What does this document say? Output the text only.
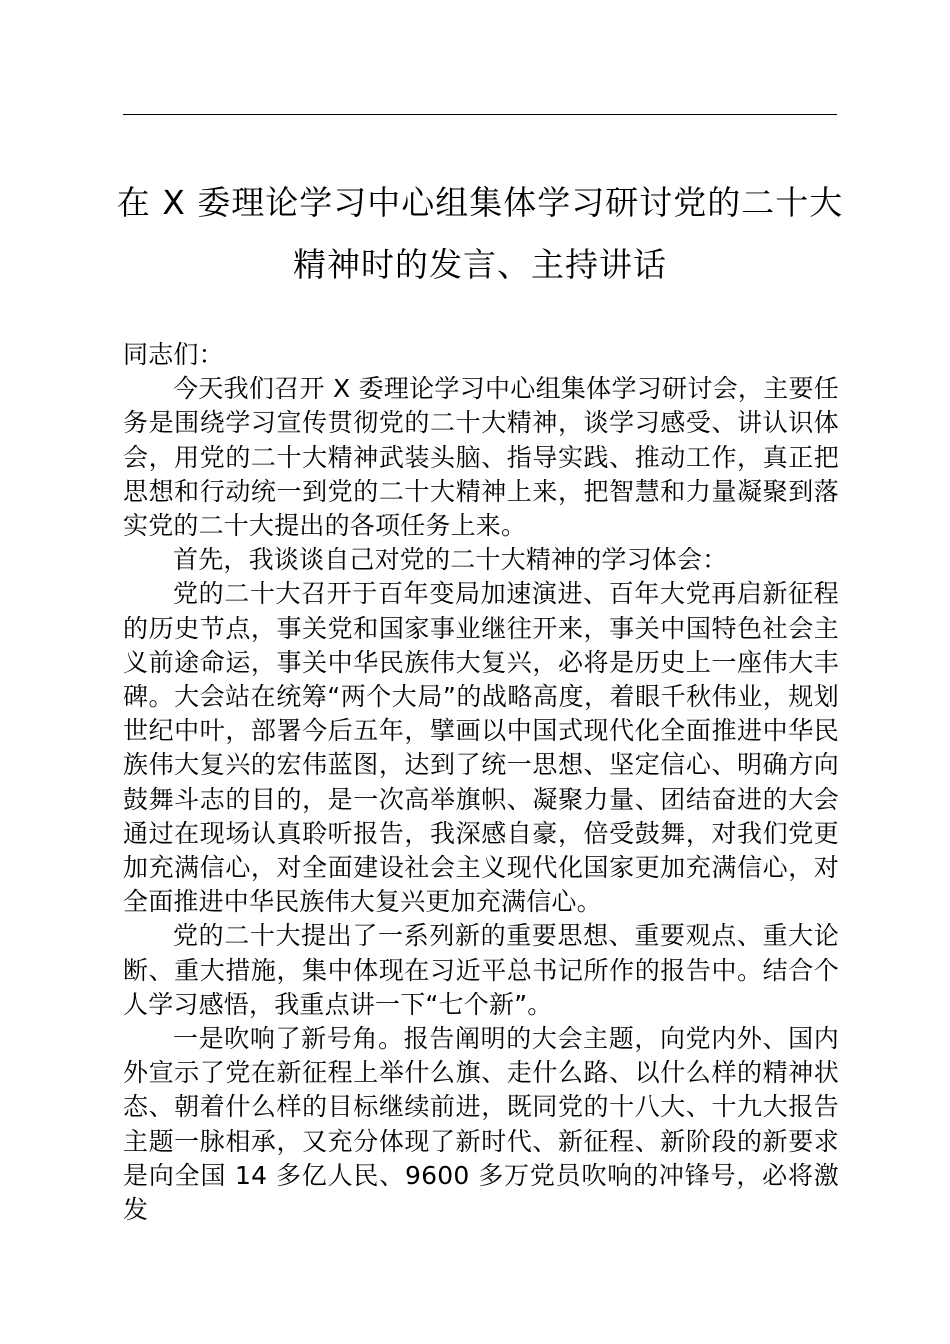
在 X 委理论学习中心组集体学习研讨党的二十大精神时的发言、主持讲话

同志们：

今天我们召开 X 委理论学习中心组集体学习研讨会，主要任务是围绕学习宣传贯彻党的二十大精神，谈学习感受、讲认识体会，用党的二十大精神武装头脑、指导实践、推动工作，真正把思想和行动统一到党的二十大精神上来，把智慧和力量凝聚到落实党的二十大提出的各项任务上来。

首先，我谈谈自己对党的二十大精神的学习体会：

党的二十大召开于百年变局加速演进、百年大党再启新征程的历史节点，事关党和国家事业继往开来，事关中国特色社会主义前途命运，事关中华民族伟大复兴，必将是历史上一座伟大丰碑。大会站在统筹“两个大局”的战略高度，着眼千秋伟业，规划世纪中叶，部署今后五年，擘画以中国式现代化全面推进中华民族伟大复兴的宏伟蓝图，达到了统一思想、坚定信心、明确方向鼓舞斗志的目的，是一次高举旗帜、凝聚力量、团结奋进的大会通过在现场认真聆听报告，我深感自豪，倍受鼓舞，对我们党更加充满信心，对全面建设社会主义现代化国家更加充满信心，对全面推进中华民族伟大复兴更加充满信心。

党的二十大提出了一系列新的重要思想、重要观点、重大论断、重大措施，集中体现在习近平总书记所作的报告中。结合个人学习感悟，我重点讲一下“七个新”。

一是吹响了新号角。报告阐明的大会主题，向党内外、国内外宣示了党在新征程上举什么旗、走什么路、以什么样的精神状态、朝着什么样的目标继续前进，既同党的十八大、十九大报告主题一脉相承，又充分体现了新时代、新征程、新阶段的新要求是向全国 14 多亿人民、9600 多万党员吹响的冲锋号，必将激发
